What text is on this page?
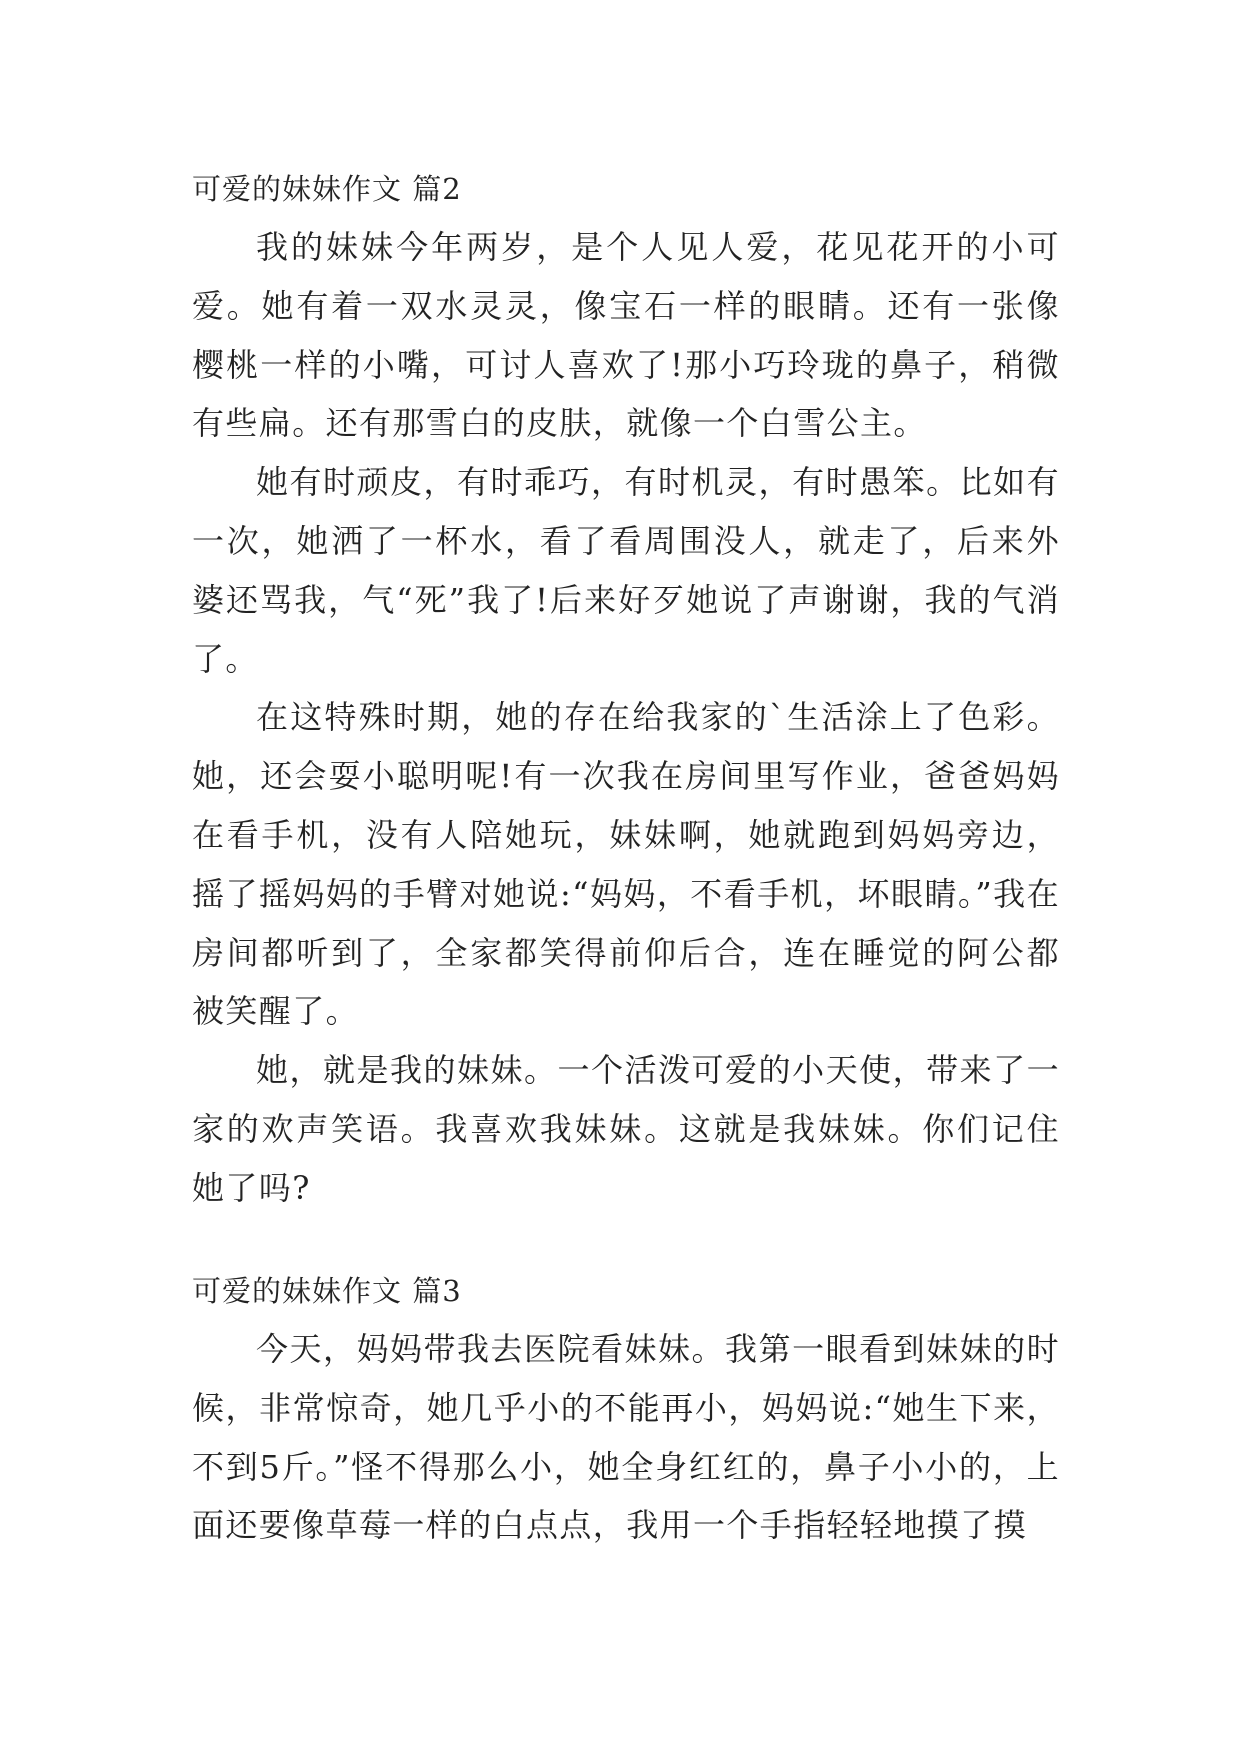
可爱的妹妹作文 篇2

我的妹妹今年两岁，是个人见人爱，花见花开的小可爱。她有着一双水灵灵，像宝石一样的眼睛。还有一张像樱桃一样的小嘴，可讨人喜欢了!那小巧玲珑的鼻子，稍微有些扁。还有那雪白的皮肤，就像一个白雪公主。

她有时顽皮，有时乖巧，有时机灵，有时愚笨。比如有一次，她洒了一杯水，看了看周围没人，就走了，后来外婆还骂我，气“死”我了!后来好歹她说了声谢谢，我的气消了。

在这特殊时期，她的存在给我家的`生活涂上了色彩。她，还会耍小聪明呢!有一次我在房间里写作业，爸爸妈妈在看手机，没有人陪她玩，妹妹啊，她就跑到妈妈旁边，摇了摇妈妈的手臂对她说:“妈妈，不看手机，坏眼睛。”我在房间都听到了，全家都笑得前仰后合，连在睡觉的阿公都被笑醒了。

她，就是我的妹妹。一个活泼可爱的小天使，带来了一家的欢声笑语。我喜欢我妹妹。这就是我妹妹。你们记住她了吗?

可爱的妹妹作文 篇3

今天，妈妈带我去医院看妹妹。我第一眼看到妹妹的时候，非常惊奇，她几乎小的不能再小，妈妈说:“她生下来，不到5斤。”怪不得那么小，她全身红红的，鼻子小小的，上面还要像草莓一样的白点点，我用一个手指轻轻地摸了摸
